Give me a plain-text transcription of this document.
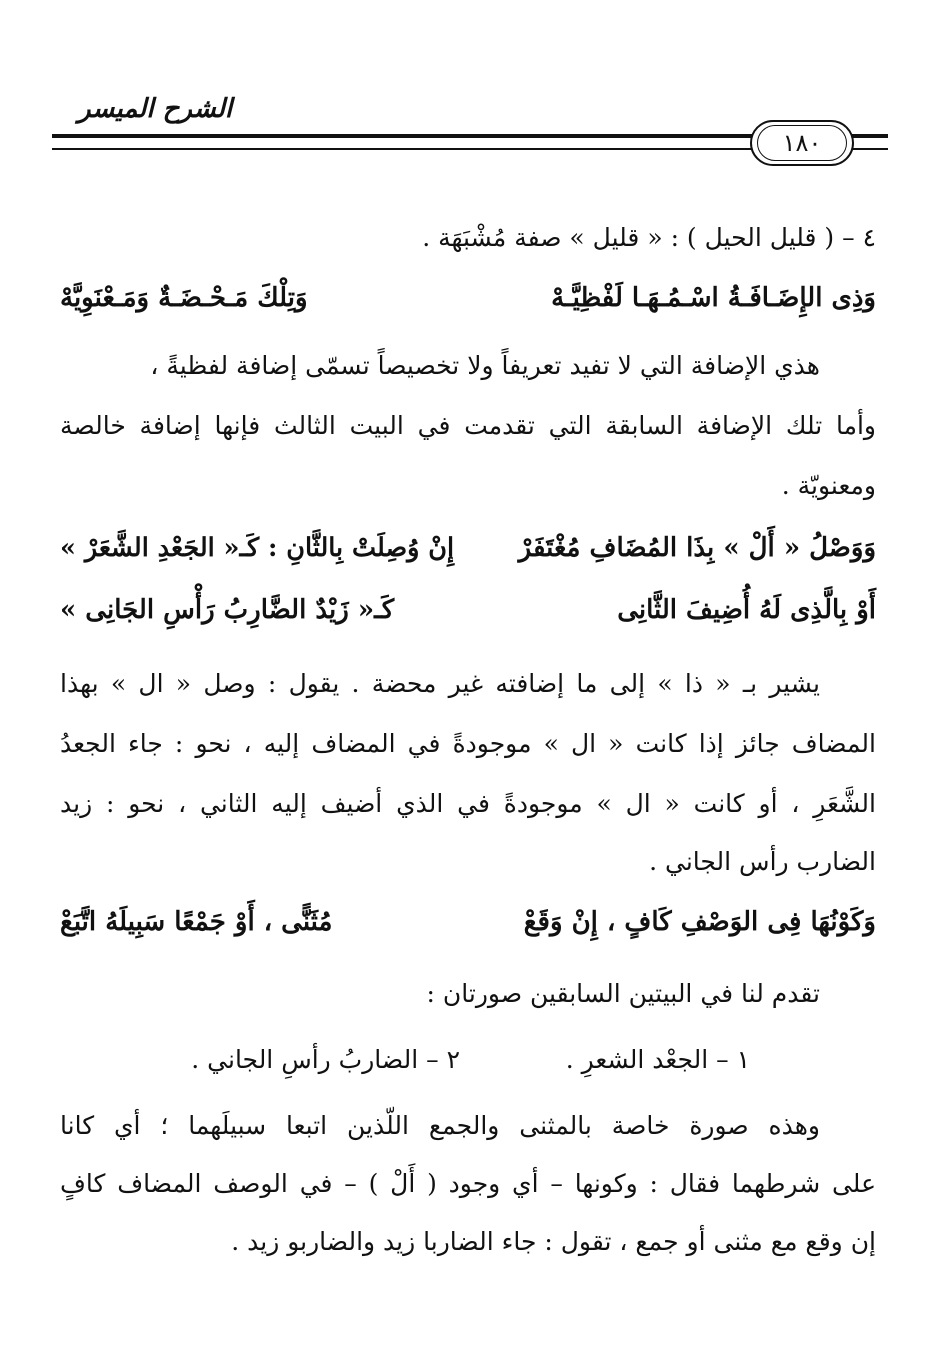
الشرح الميسر
١٨٠
٤ – ( قليل الحيل ) : « قليل » صفة مُشْبَهَة .
وَذِى الإِضَـافَـةُ اسْـمُـهَـا لَفْظِيَّـهْ
وَتِلْكَ مَـحْـضَـةٌ وَمَـعْنَوِيَّهْ
هذي الإضافة التي لا تفيد تعريفاً ولا تخصيصاً تسمّى إضافة لفظيةً ،
وأما تلك الإضافة السابقة التي تقدمت في البيت الثالث فإنها إضافة خالصة
ومعنويّة .
وَوَصْلُ « أَلْ » بِذَا المُضَافِ مُغْتَفَرْ
إِنْ وُصِلَتْ بِالثَّانِ : كَـ« الجَعْدِ الشَّعَرْ »
أَوْ بِالَّذِى لَهُ أُضِيفَ الثَّانِى
كَـ« زَيْدٌ الضَّارِبُ رَأْسِ الجَانِى »
يشير بـ « ذا » إلى ما إضافته غير محضة . يقول : وصل « ال » بهذا
المضاف جائز إذا كانت « ال » موجودةً في المضاف إليه ، نحو : جاء الجعدُ
الشَّعَرِ ، أو كانت « ال » موجودةً في الذي أضيف إليه الثاني ، نحو : زيد
الضارب رأس الجاني .
وَكَوْنُهَا فِى الوَصْفِ كَافٍ ، إِنْ وَقَعْ
مُثَنًّى ، أَوْ جَمْعًا سَبِيلَهُ اتَّبَعْ
تقدم لنا في البيتين السابقين صورتان :
١ – الجعْد الشعرِ .
٢ – الضاربُ رأسِ الجاني .
وهذه صورة خاصة بالمثنى والجمع اللّذين اتبعا سبيلَهما ؛ أي كانا
على شرطهما فقال : وكونها – أي وجود ( أَلْ ) – في الوصف المضاف كافٍ
إن وقع مع مثنى أو جمع ، تقول : جاء الضاربا زيد والضاربو زيد .
